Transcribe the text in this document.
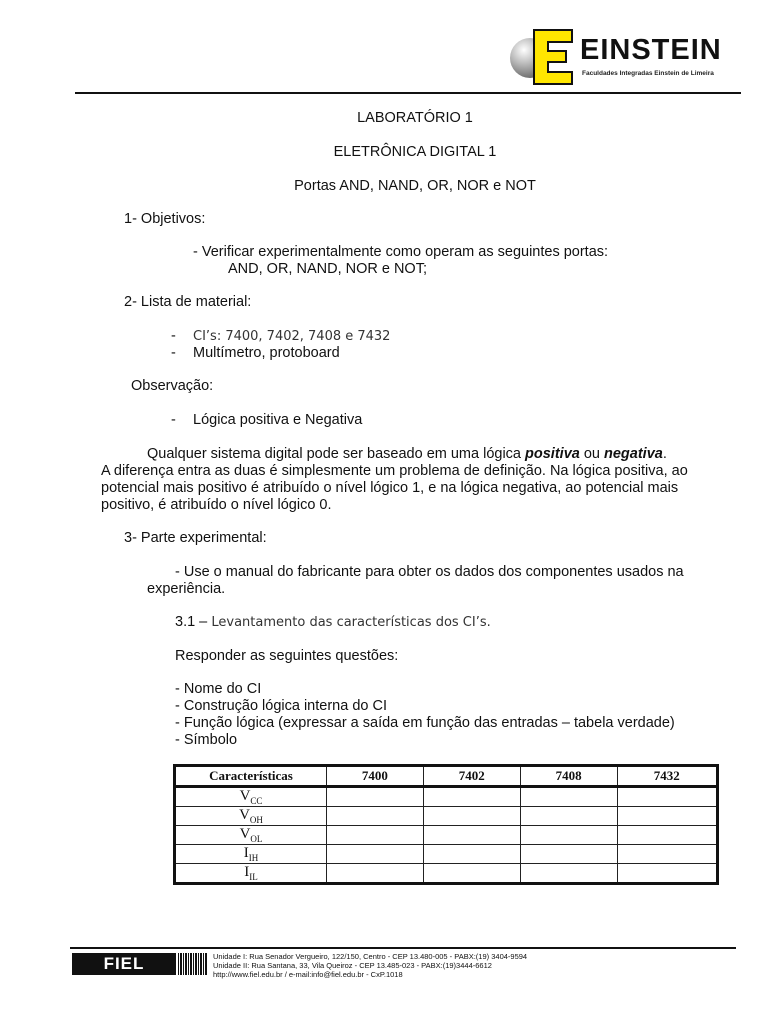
EINSTEIN
Faculdades Integradas Einstein de Limeira
LABORATÓRIO 1
ELETRÔNICA DIGITAL 1
Portas AND, NAND, OR, NOR e NOT
1- Objetivos:
- Verificar experimentalmente como operam as seguintes portas:
AND, OR, NAND, NOR e NOT;
2- Lista de material:
- CI’s: 7400, 7402, 7408 e 7432
- Multímetro, protoboard
Observação:
- Lógica positiva e Negativa
Qualquer sistema digital pode ser baseado em uma lógica positiva ou negativa.
A diferença entra as duas é simplesmente um problema de definição. Na lógica positiva, ao
potencial mais positivo é atribuído o nível lógico 1, e na lógica negativa, ao potencial mais
positivo, é atribuído o nível lógico 0.
3- Parte experimental:
- Use o manual do fabricante para obter os dados dos componentes usados na
experiência.
3.1 – Levantamento das características dos CI’s.
Responder as seguintes questões:
- Nome do CI
- Construção lógica interna do CI
- Função lógica (expressar a saída em função das entradas – tabela verdade)
- Símbolo
Características	7400	7402	7408	7432
$V_{CC}$				
$V_{OH}$				
$V_{OL}$				
$I_{IH}$				
$I_{IL}$				
FIEL	Unidade I: Rua Senador Vergueiro, 122/150, Centro - CEP 13.480-005 - PABX:(19) 3404-9594
Unidade II: Rua Santana, 33, Vila Queiroz - CEP 13.485-023 - PABX:(19)3444-6612
http://www.fiel.edu.br / e-mail:info@fiel.edu.br - CxP.1018
